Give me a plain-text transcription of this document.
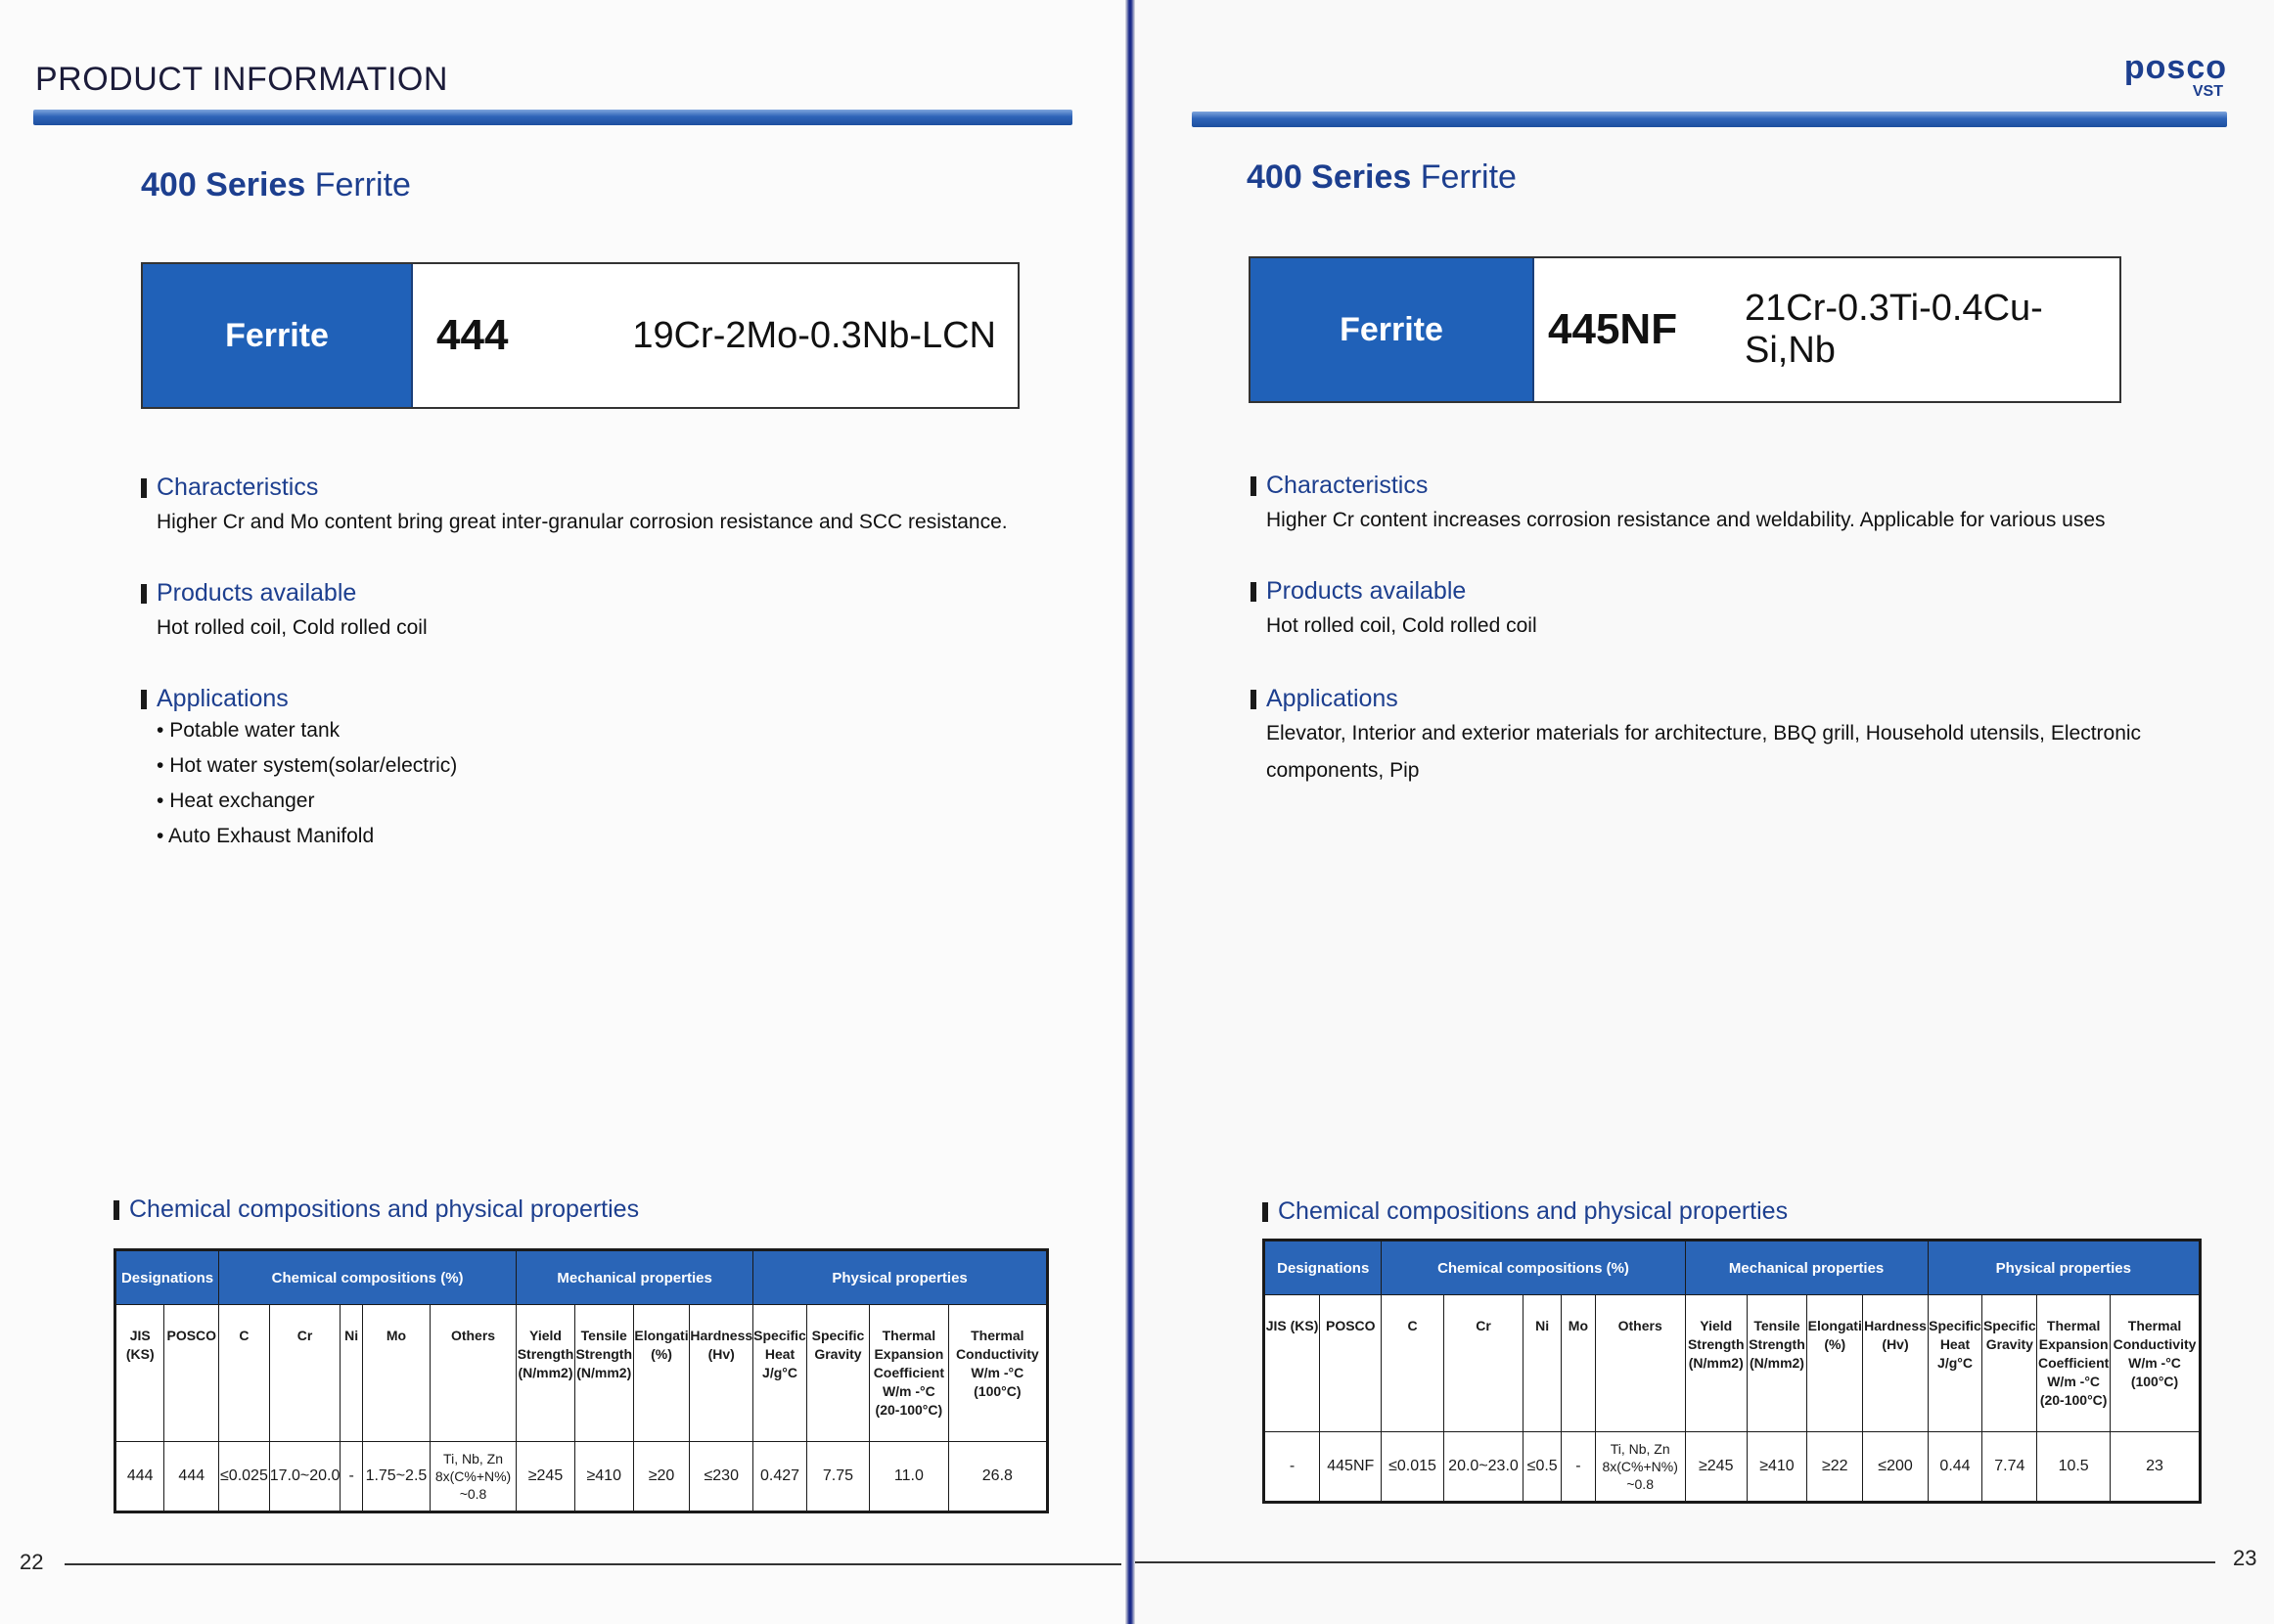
PRODUCT INFORMATION
400 Series Ferrite
Ferrite	444	19Cr-2Mo-0.3Nb-LCN
Characteristics
Higher Cr and Mo content bring great inter-granular corrosion resistance and SCC resistance.
Products available
Hot rolled coil, Cold rolled coil
Applications
• Potable water tank
• Hot water system(solar/electric)
• Heat exchanger
• Auto Exhaust Manifold
Chemical compositions and physical properties
Designations		Chemical compositions (%)					Mechanical properties				Physical properties			
JIS (KS)	POSCO	C	Cr	Ni	Mo	Others	Yield Strength (N/mm2)	Tensile Strength (N/mm2)	Elongati (%)	Hardness (Hv)	Specific Heat J/g°C	Specific Gravity	Thermal Expansion Coefficient W/m -°C (20-100°C)	Thermal Conductivity W/m -°C (100°C)
444	444	≤0.025	17.0~20.0	-	1.75~2.5	Ti, Nb, Zn 8x(C%+N%) ~0.8	≥245	≥410	≥20	≤230	0.427	7.75	11.0	26.8
22
posco
VST
400 Series Ferrite
Ferrite	445NF	21Cr-0.3Ti-0.4Cu-Si,Nb
Characteristics
Higher Cr content increases corrosion resistance and weldability. Applicable for various uses
Products available
Hot rolled coil, Cold rolled coil
Applications
Elevator, Interior and exterior materials for architecture, BBQ grill, Household utensils, Electronic
components, Pip
Chemical compositions and physical properties
Designations		Chemical compositions (%)					Mechanical properties				Physical properties			
JIS (KS)	POSCO	C	Cr	Ni	Mo	Others	Yield Strength (N/mm2)	Tensile Strength (N/mm2)	Elongati (%)	Hardness (Hv)	Specific Heat J/g°C	Specific Gravity	Thermal Expansion Coefficient W/m -°C (20-100°C)	Thermal Conductivity W/m -°C (100°C)
-	445NF	≤0.015	20.0~23.0	≤0.5	-	Ti, Nb, Zn 8x(C%+N%) ~0.8	≥245	≥410	≥22	≤200	0.44	7.74	10.5	23
23
